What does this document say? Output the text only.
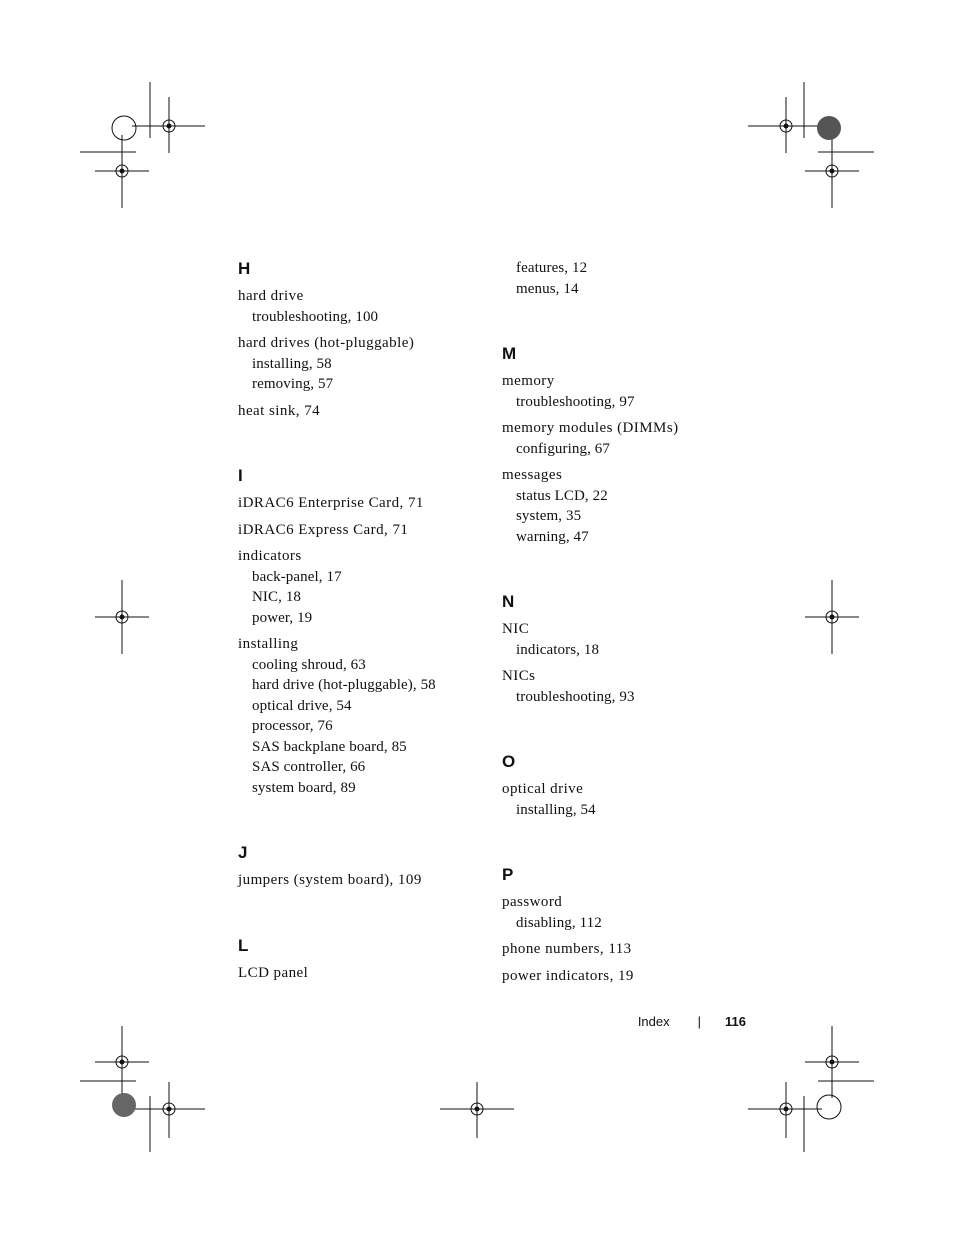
H
hard drive
troubleshooting, 100
hard drives (hot-pluggable)
installing, 58
removing, 57
heat sink, 74
I
iDRAC6 Enterprise Card, 71
iDRAC6 Express Card, 71
indicators
back-panel, 17
NIC, 18
power, 19
installing
cooling shroud, 63
hard drive (hot-pluggable), 58
optical drive, 54
processor, 76
SAS backplane board, 85
SAS controller, 66
system board, 89
J
jumpers (system board), 109
L
LCD panel
features, 12
menus, 14
M
memory
troubleshooting, 97
memory modules (DIMMs)
configuring, 67
messages
status LCD, 22
system, 35
warning, 47
N
NIC
indicators, 18
NICs
troubleshooting, 93
O
optical drive
installing, 54
P
password
disabling, 112
phone numbers, 113
power indicators, 19
Index | 116
